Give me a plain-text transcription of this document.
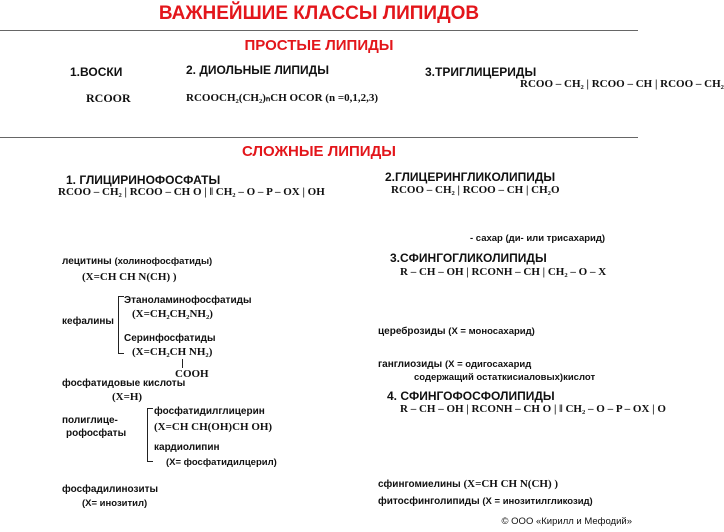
ВАЖНЕЙШИЕ КЛАССЫ ЛИПИДОВ
ПРОСТЫЕ ЛИПИДЫ
1.ВОСКИ
RCOOR
2. ДИОЛЬНЫЕ ЛИПИДЫ
RCOOCH₂(CH₂)ₙCH OCOR (n =0,1,2,3)
3.ТРИГЛИЦЕРИДЫ
RCOO – CH₂ | RCOO – CH | RCOO – CH₂
СЛОЖНЫЕ ЛИПИДЫ
1. ГЛИЦИРИНОФОСФАТЫ
RCOO – CH₂ | RCOO – CH O | ‖ CH₂ – O – P – OX | OH
лецитины (холинофосфатиды)
(X=CH CH N(CH) )
кефалины
Этаноламинофосфатиды
(X=CH₂CH₂NH₂)
Серинфосфатиды
(X=CH₂CH NH₂)
COOH
фосфатидовые кислоты
(X=H)
полиглице-
рофосфаты
фосфатидилглицерин
(X=CH CH(OH)CH OH)
кардиолипин
(X= фосфатидилцерил)
фосфадилинозиты
(X= инозитил)
2.ГЛИЦЕРИНГЛИКОЛИПИДЫ
RCOO – CH₂ | RCOO – CH | CH₂O
- сахар (ди- или трисахарид)
3.СФИНГОГЛИКОЛИПИДЫ
R – CH – OH | RCONH – CH | CH₂ – O – X
цереброзиды (X = моносахарид)
ганглиозиды (X = одигосахарид
содержащий остаткисиаловых)кислот
4. СФИНГОФОСФОЛИПИДЫ
R – CH – OH | RCONH – CH O | ‖ CH₂ – O – P – OX | O
сфингомиелины (X=CH CH N(CH) )
фитосфинголипиды (X = инозитилгликозид)
© ООО «Кирилл и Мефодий»
